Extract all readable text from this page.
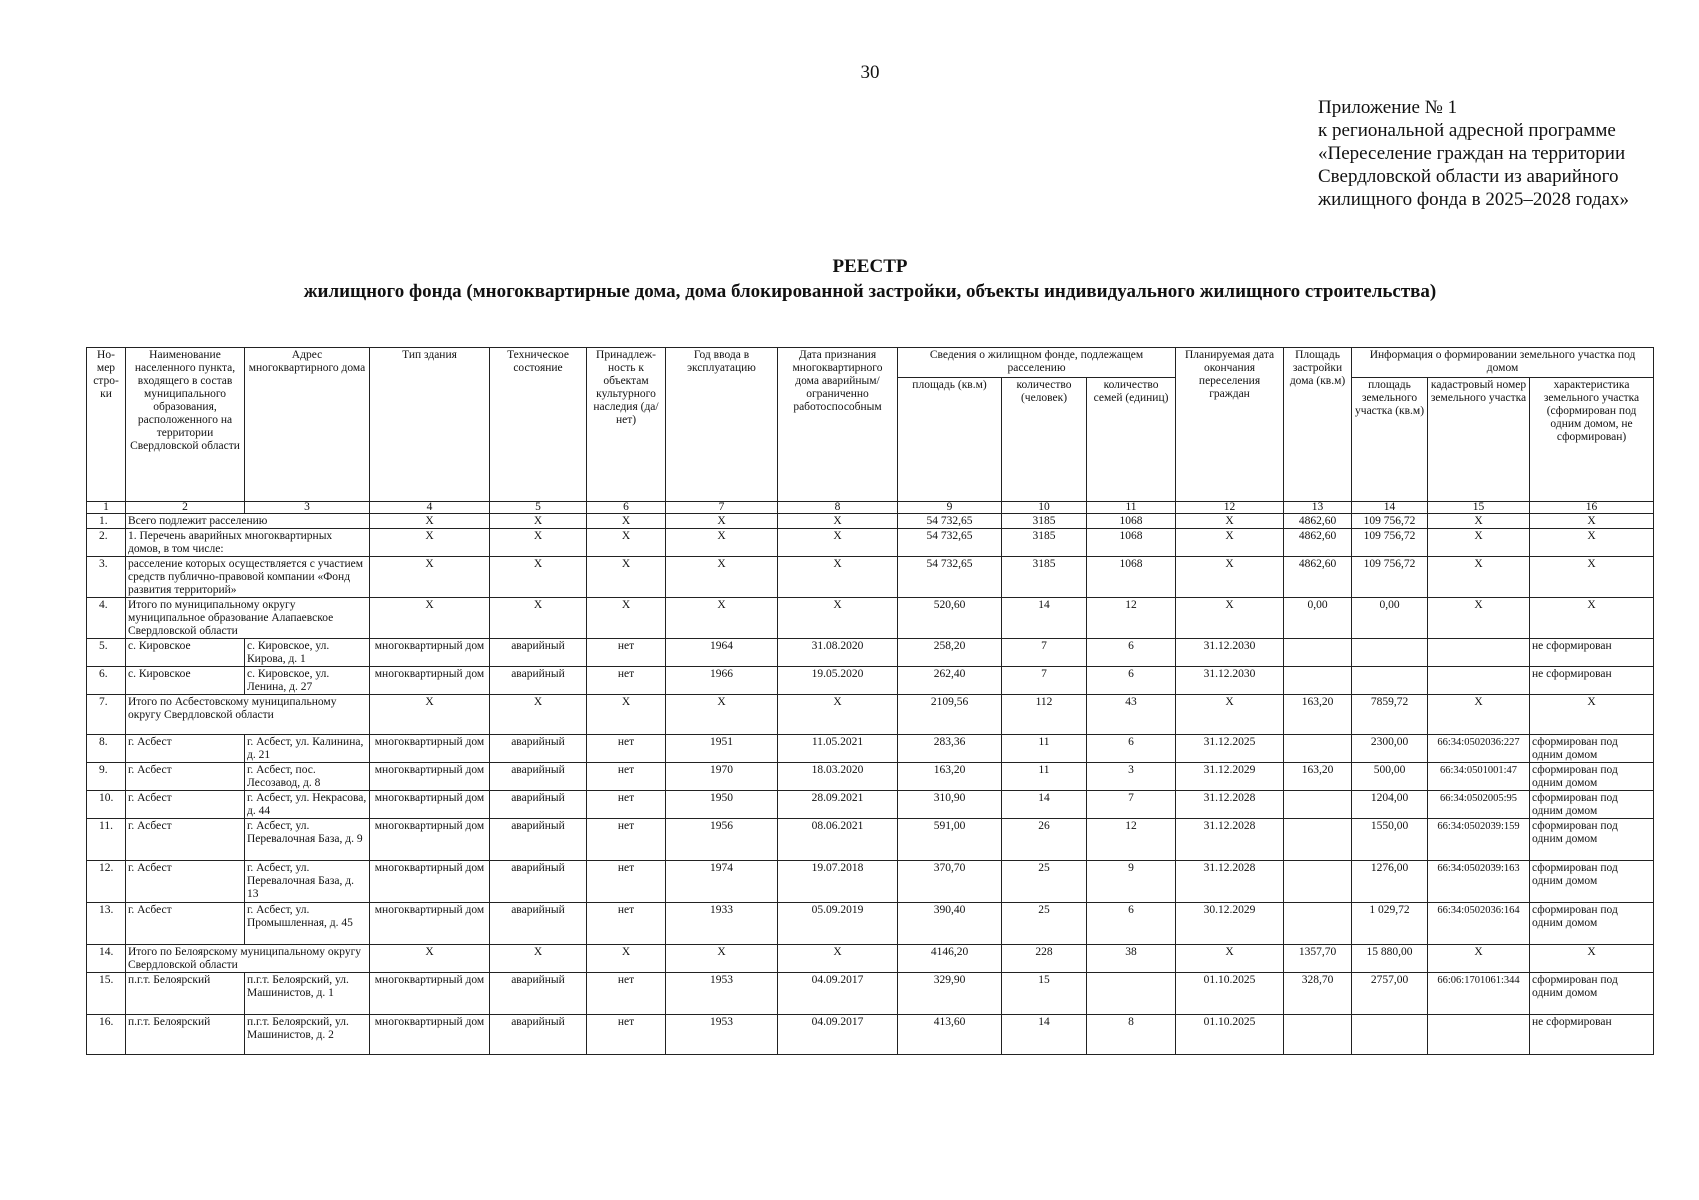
30
Приложение № 1
к региональной адресной программе
«Переселение граждан на территории
Свердловской области из аварийного
жилищного фонда в 2025–2028 годах»
РЕЕСТР
жилищного фонда (многоквартирные дома, дома блокированной застройки, объекты индивидуального жилищного строительства)
Но-мер стро-ки	Наименование населенного пункта, входящего в состав муниципального образования, расположенного на территории Свердловской области	Адрес многоквартирного дома	Тип здания	Техническое состояние	Принадлеж-ность к объектам культурного наследия (да/нет)	Год ввода в эксплуатацию	Дата признания многоквартирного дома аварийным/ ограниченно работоспособным	Сведения о жилищном фонде, подлежащем расселению			Планируемая дата окончания переселения граждан	Площадь застройки дома (кв.м)	Информация о формировании земельного участка под домом		
								площадь (кв.м)	количество (человек)	количество семей (единиц)			площадь земельного участка (кв.м)	кадастровый номер земельного участка	характеристика земельного участка (сформирован под одним домом, не сформирован)
1	2	3	4	5	6	7	8	9	10	11	12	13	14	15	16
1.	Всего подлежит расселению		X	X	X	X	X	54 732,65	3185	1068	X	4862,60	109 756,72	X	X
2.	1. Перечень аварийных многоквартирных домов, в том числе:		X	X	X	X	X	54 732,65	3185	1068	X	4862,60	109 756,72	X	X
3.	расселение которых осуществляется с участием средств публично-правовой компании «Фонд развития территорий»		X	X	X	X	X	54 732,65	3185	1068	X	4862,60	109 756,72	X	X
4.	Итого по муниципальному округу муниципальное образование Алапаевское Свердловской области		X	X	X	X	X	520,60	14	12	X	0,00	0,00	X	X
5.	с. Кировское	с. Кировское, ул. Кирова, д. 1	многоквартирный дом	аварийный	нет	1964	31.08.2020	258,20	7	6	31.12.2030				не сформирован
6.	с. Кировское	с. Кировское, ул. Ленина, д. 27	многоквартирный дом	аварийный	нет	1966	19.05.2020	262,40	7	6	31.12.2030				не сформирован
7.	Итого по Асбестовскому муниципальному округу Свердловской области		X	X	X	X	X	2109,56	112	43	X	163,20	7859,72	X	X
8.	г. Асбест	г. Асбест, ул. Калинина, д. 21	многоквартирный дом	аварийный	нет	1951	11.05.2021	283,36	11	6	31.12.2025		2300,00	66:34:0502036:227	сформирован под одним домом
9.	г. Асбест	г. Асбест, пос. Лесозавод, д. 8	многоквартирный дом	аварийный	нет	1970	18.03.2020	163,20	11	3	31.12.2029	163,20	500,00	66:34:0501001:47	сформирован под одним домом
10.	г. Асбест	г. Асбест, ул. Некрасова, д. 44	многоквартирный дом	аварийный	нет	1950	28.09.2021	310,90	14	7	31.12.2028		1204,00	66:34:0502005:95	сформирован под одним домом
11.	г. Асбест	г. Асбест, ул. Перевалочная База, д. 9	многоквартирный дом	аварийный	нет	1956	08.06.2021	591,00	26	12	31.12.2028		1550,00	66:34:0502039:159	сформирован под одним домом
12.	г. Асбест	г. Асбест, ул. Перевалочная База, д. 13	многоквартирный дом	аварийный	нет	1974	19.07.2018	370,70	25	9	31.12.2028		1276,00	66:34:0502039:163	сформирован под одним домом
13.	г. Асбест	г. Асбест, ул. Промышленная, д. 45	многоквартирный дом	аварийный	нет	1933	05.09.2019	390,40	25	6	30.12.2029		1 029,72	66:34:0502036:164	сформирован под одним домом
14.	Итого по Белоярскому муниципальному округу Свердловской области		X	X	X	X	X	4146,20	228	38	X	1357,70	15 880,00	X	X
15.	п.г.т. Белоярский	п.г.т. Белоярский, ул. Машинистов, д. 1	многоквартирный дом	аварийный	нет	1953	04.09.2017	329,90	15		01.10.2025	328,70	2757,00	66:06:1701061:344	сформирован под одним домом
16.	п.г.т. Белоярский	п.г.т. Белоярский, ул. Машинистов, д. 2	многоквартирный дом	аварийный	нет	1953	04.09.2017	413,60	14	8	01.10.2025				не сформирован
